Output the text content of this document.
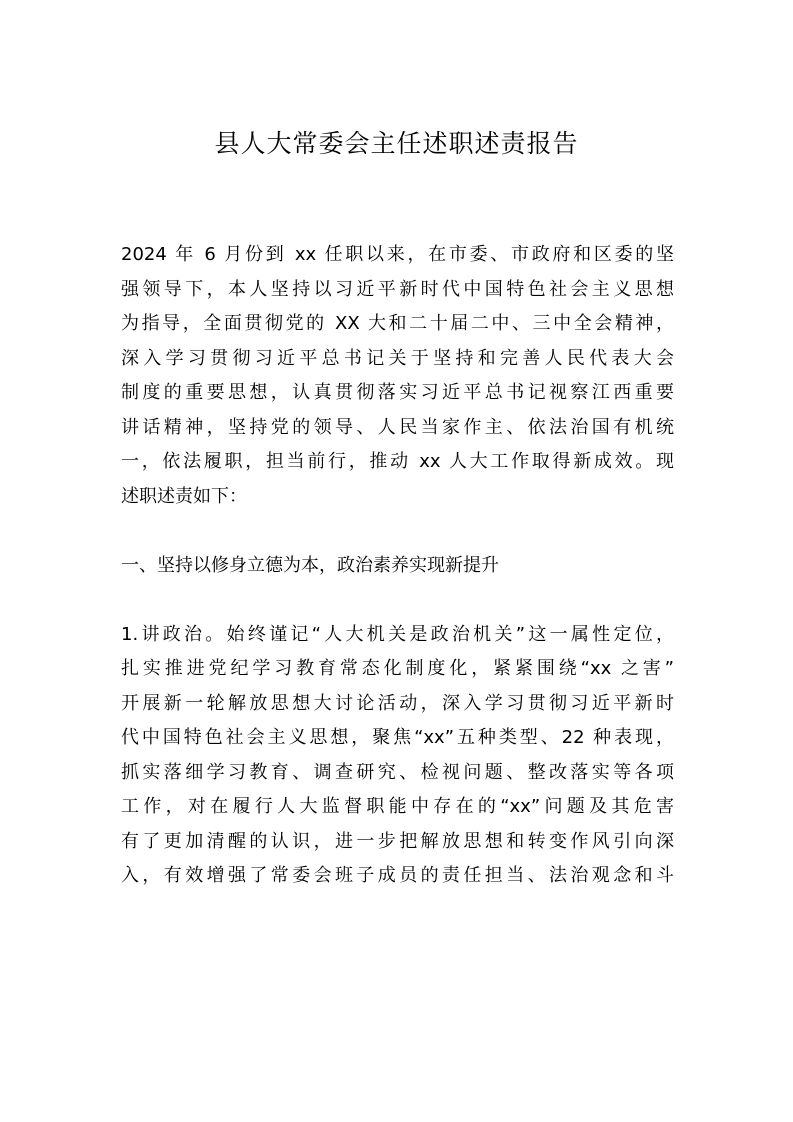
县人大常委会主任述职述责报告
2024 年 6 月份到 xx 任职以来，在市委、市政府和区委的坚
强领导下，本人坚持以习近平新时代中国特色社会主义思想
为指导，全面贯彻党的 XX 大和二十届二中、三中全会精神，
深入学习贯彻习近平总书记关于坚持和完善人民代表大会
制度的重要思想，认真贯彻落实习近平总书记视察江西重要
讲话精神，坚持党的领导、人民当家作主、依法治国有机统
一，依法履职，担当前行，推动 xx 人大工作取得新成效。现
述职述责如下：
一、坚持以修身立德为本，政治素养实现新提升
1.讲政治。始终谨记“人大机关是政治机关”这一属性定位，
扎实推进党纪学习教育常态化制度化，紧紧围绕“xx 之害”
开展新一轮解放思想大讨论活动，深入学习贯彻习近平新时
代中国特色社会主义思想，聚焦“xx”五种类型、22 种表现，
抓实落细学习教育、调查研究、检视问题、整改落实等各项
工作，对在履行人大监督职能中存在的“xx”问题及其危害
有了更加清醒的认识，进一步把解放思想和转变作风引向深
入，有效增强了常委会班子成员的责任担当、法治观念和斗
